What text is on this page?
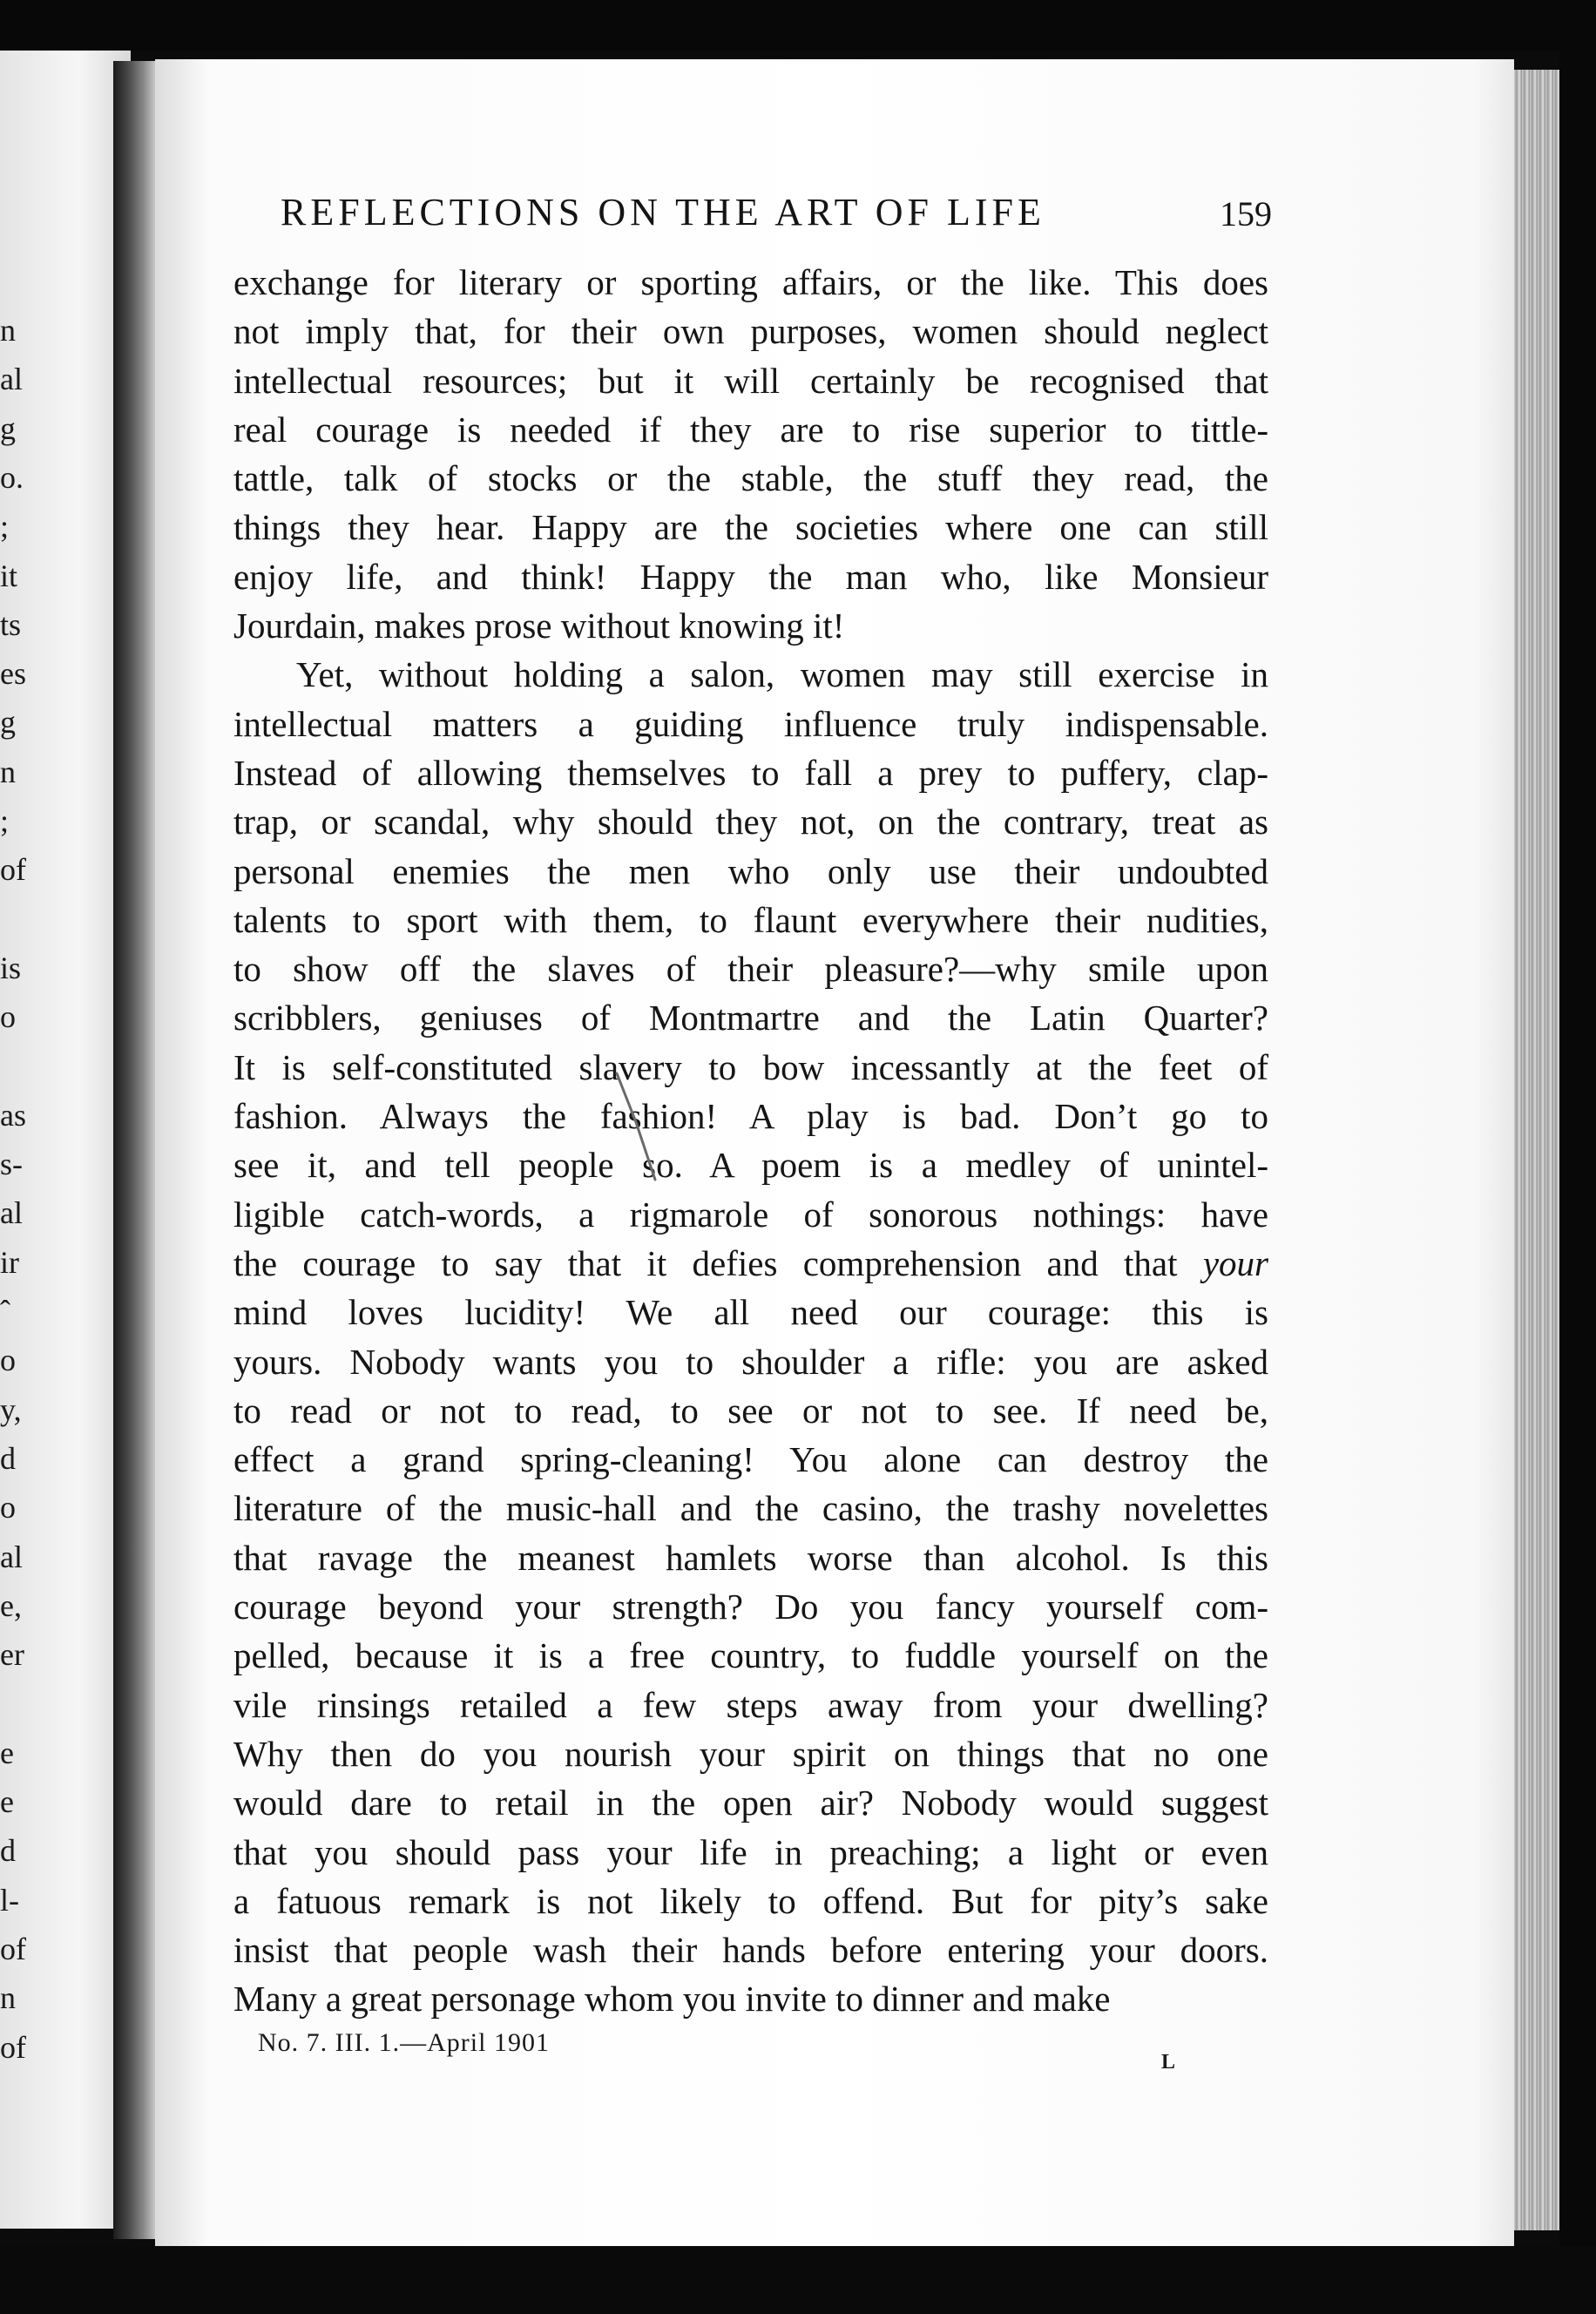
n
al
g
o.
;
it
ts
es
g
n
;
of
is
o
as
s-
al
ir
ˆ
o
y,
d
o
al
e,
er
e
e
d
l-
of
n
of
REFLECTIONS ON THE ART OF LIFE	159
exchange for literary or sporting affairs, or the like. This does
not imply that, for their own purposes, women should neglect
intellectual resources; but it will certainly be recognised that
real courage is needed if they are to rise superior to tittle-
tattle, talk of stocks or the stable, the stuff they read, the
things they hear. Happy are the societies where one can still
enjoy life, and think! Happy the man who, like Monsieur
Jourdain, makes prose without knowing it!
Yet, without holding a salon, women may still exercise in
intellectual matters a guiding influence truly indispensable.
Instead of allowing themselves to fall a prey to puffery, clap-
trap, or scandal, why should they not, on the contrary, treat as
personal enemies the men who only use their undoubted
talents to sport with them, to flaunt everywhere their nudities,
to show off the slaves of their pleasure?—why smile upon
scribblers, geniuses of Montmartre and the Latin Quarter?
It is self-constituted slavery to bow incessantly at the feet of
fashion. Always the fashion! A play is bad. Don’t go to
see it, and tell people so. A poem is a medley of unintel-
ligible catch-words, a rigmarole of sonorous nothings: have
the courage to say that it defies comprehension and that your
mind loves lucidity! We all need our courage: this is
yours. Nobody wants you to shoulder a rifle: you are asked
to read or not to read, to see or not to see. If need be,
effect a grand spring-cleaning! You alone can destroy the
literature of the music-hall and the casino, the trashy novelettes
that ravage the meanest hamlets worse than alcohol. Is this
courage beyond your strength? Do you fancy yourself com-
pelled, because it is a free country, to fuddle yourself on the
vile rinsings retailed a few steps away from your dwelling?
Why then do you nourish your spirit on things that no one
would dare to retail in the open air? Nobody would suggest
that you should pass your life in preaching; a light or even
a fatuous remark is not likely to offend. But for pity’s sake
insist that people wash their hands before entering your doors.
Many a great personage whom you invite to dinner and make
No. 7. III. 1.—April 1901
L
